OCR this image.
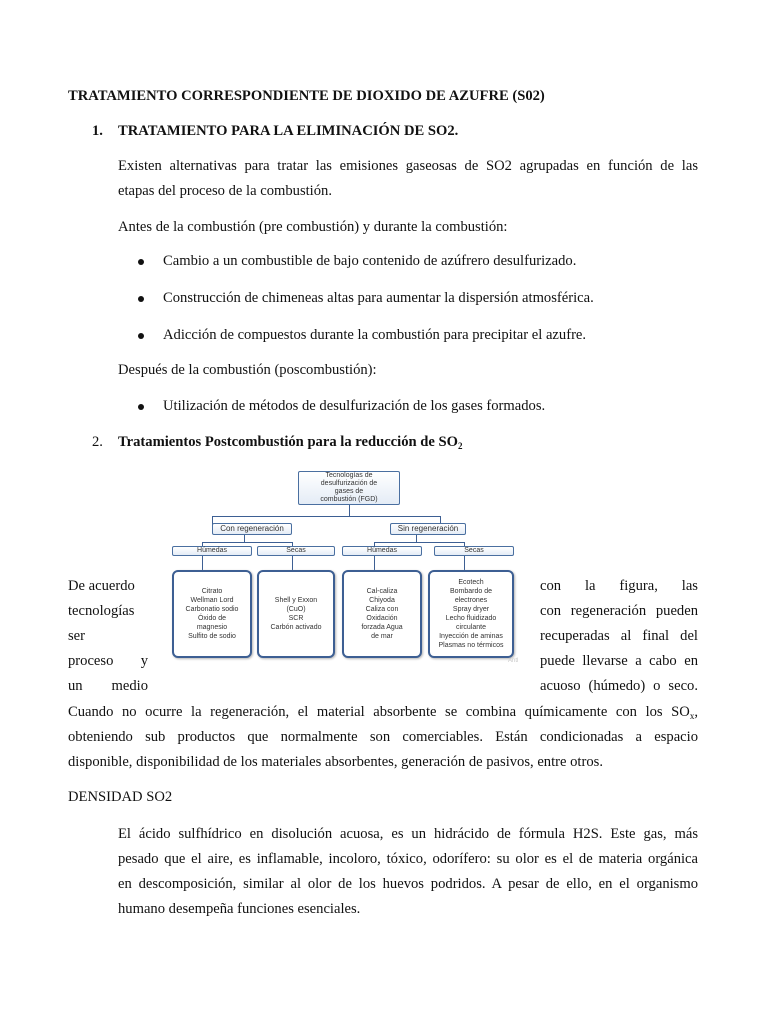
TRATAMIENTO CORRESPONDIENTE DE DIOXIDO DE AZUFRE (S02)
1. TRATAMIENTO PARA LA ELIMINACIÓN DE SO2.
Existen alternativas para tratar las emisiones gaseosas de SO2 agrupadas en función de las
etapas del proceso de la combustión.
Antes de la combustión (pre combustión) y durante la combustión:
Cambio a un combustible de bajo contenido de azúfrero desulfurizado.
Construcción de chimeneas altas para aumentar la dispersión atmosférica.
Adicción de compuestos durante la combustión para precipitar el azufre.
Después de la combustión (poscombustión):
Utilización de métodos de desulfurización de los gases formados.
2. Tratamientos Postcombustión para la reducción de $SO_2$
Tecnologías de
desulfurización de
gases de
combustión (FGD)
Con regeneración	Sin regeneración
Húmedas	Secas	Húmedas	Secas
Citrato
Wellman Lord
Carbonatio sodio
Óxido de
magnesio
Sulfito de sodio
Shell y Exxon
(CuO)
SCR
Carbón activado
Cal-caliza
Chiyoda
Caliza con
Oxidación
forzada Agua
de mar
Ecotech
Bombardo de
electrones
Spray dryer
Lecho fluidizado
circulante
Inyección de aminas
Plasmas no térmicos
Antl
De acuerdo
tecnologías
ser
proceso y
un medio
con la figura, las
con regeneración pueden
recuperadas al final del
puede llevarse a cabo en
acuoso (húmedo) o seco.
Cuando no ocurre la regeneración, el material absorbente se combina químicamente con los $SO_x$,
obteniendo sub productos que normalmente son comerciables. Están condicionadas a espacio
disponible, disponibilidad de los materiales absorbentes, generación de pasivos, entre otros.
DENSIDAD SO2
El ácido sulfhídrico en disolución acuosa, es un hidrácido de fórmula H2S. Este gas, más
pesado que el aire, es inflamable, incoloro, tóxico, odorífero: su olor es el de materia orgánica
en descomposición, similar al olor de los huevos podridos. A pesar de ello, en el organismo
humano desempeña funciones esenciales.
